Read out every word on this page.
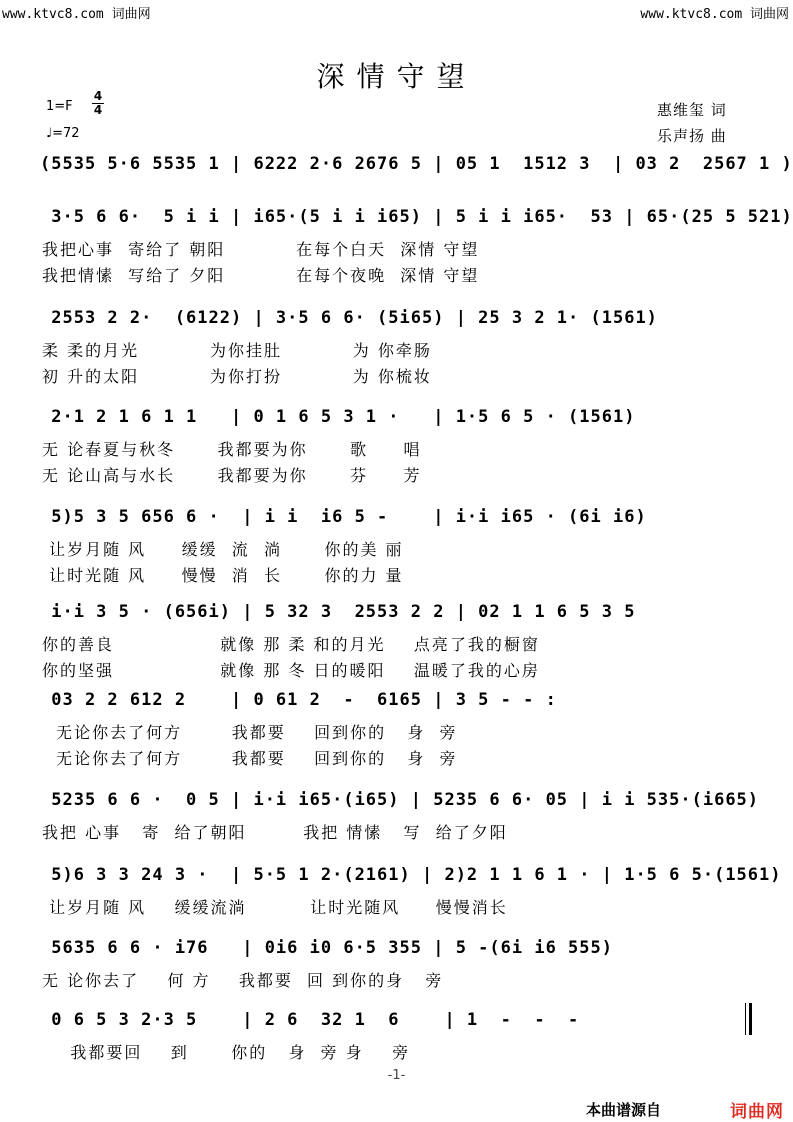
www.ktvc8.com 词曲网	www.ktvc8.com 词曲网
深情守望
1=F
4
4
♩=72
惠维玺 词
乐声扬 曲
(5535 5·6 5535 1 | 6222 2·6 2676 5 | 05 1  1512 3  | 03 2  2567 1 )
3·5 6 6·  5 i i | i65·(5 i i i65) | 5 i i i65·  53 | 65·(25 5 521)
我把心事  寄给了 朝阳          在每个白天  深情 守望
我把情愫  写给了 夕阳          在每个夜晚  深情 守望
2553 2 2·  (6122) | 3·5 6 6· (5i65) | 25 3 2 1· (1561)
柔 柔的月光          为你挂肚          为 你牵肠
初 升的太阳          为你打扮          为 你梳妆
2·1 2 1 6 1 1   | 0 1 6 5 3 1 ·   | 1·5 6 5 · (1561)
无 论春夏与秋冬      我都要为你      歌     唱
无 论山高与水长      我都要为你      芬     芳
5)5 3 5 656 6 ·  | i i  i6 5 -    | i·i i65 · (6i i6)
让岁月随 风     缓缓  流  淌      你的美 丽
让时光随 风     慢慢  消  长      你的力 量
i·i 3 5 · (656i) | 5 32 3  2553 2 2 | 02 1 1 6 5 3 5
你的善良               就像 那 柔 和的月光    点亮了我的橱窗
你的坚强               就像 那 冬 日的暖阳    温暖了我的心房
03 2 2 612 2    | 0 61 2  -  6165 | 3 5 - - :
无论你去了何方       我都要    回到你的   身  旁
无论你去了何方       我都要    回到你的   身  旁
5235 6 6 ·  0 5 | i·i i65·(i65) | 5235 6 6· 05 | i i 535·(i665)
我把 心事   寄  给了朝阳        我把 情愫   写  给了夕阳
5)6 3 3 24 3 ·  | 5·5 1 2·(2161) | 2)2 1 1 6 1 · | 1·5 6 5·(1561)
让岁月随 风    缓缓流淌         让时光随风     慢慢消长
5635 6 6 · i76   | 0i6 i0 6·5 355 | 5 -(6i i6 555)
无 论你去了    何 方    我都要  回 到你的身   旁
0 6 5 3 2·3 5    | 2 6  32 1  6    | 1  -  -  -
我都要回    到      你的   身  旁 身    旁
-1-
本曲谱源自	词曲网
